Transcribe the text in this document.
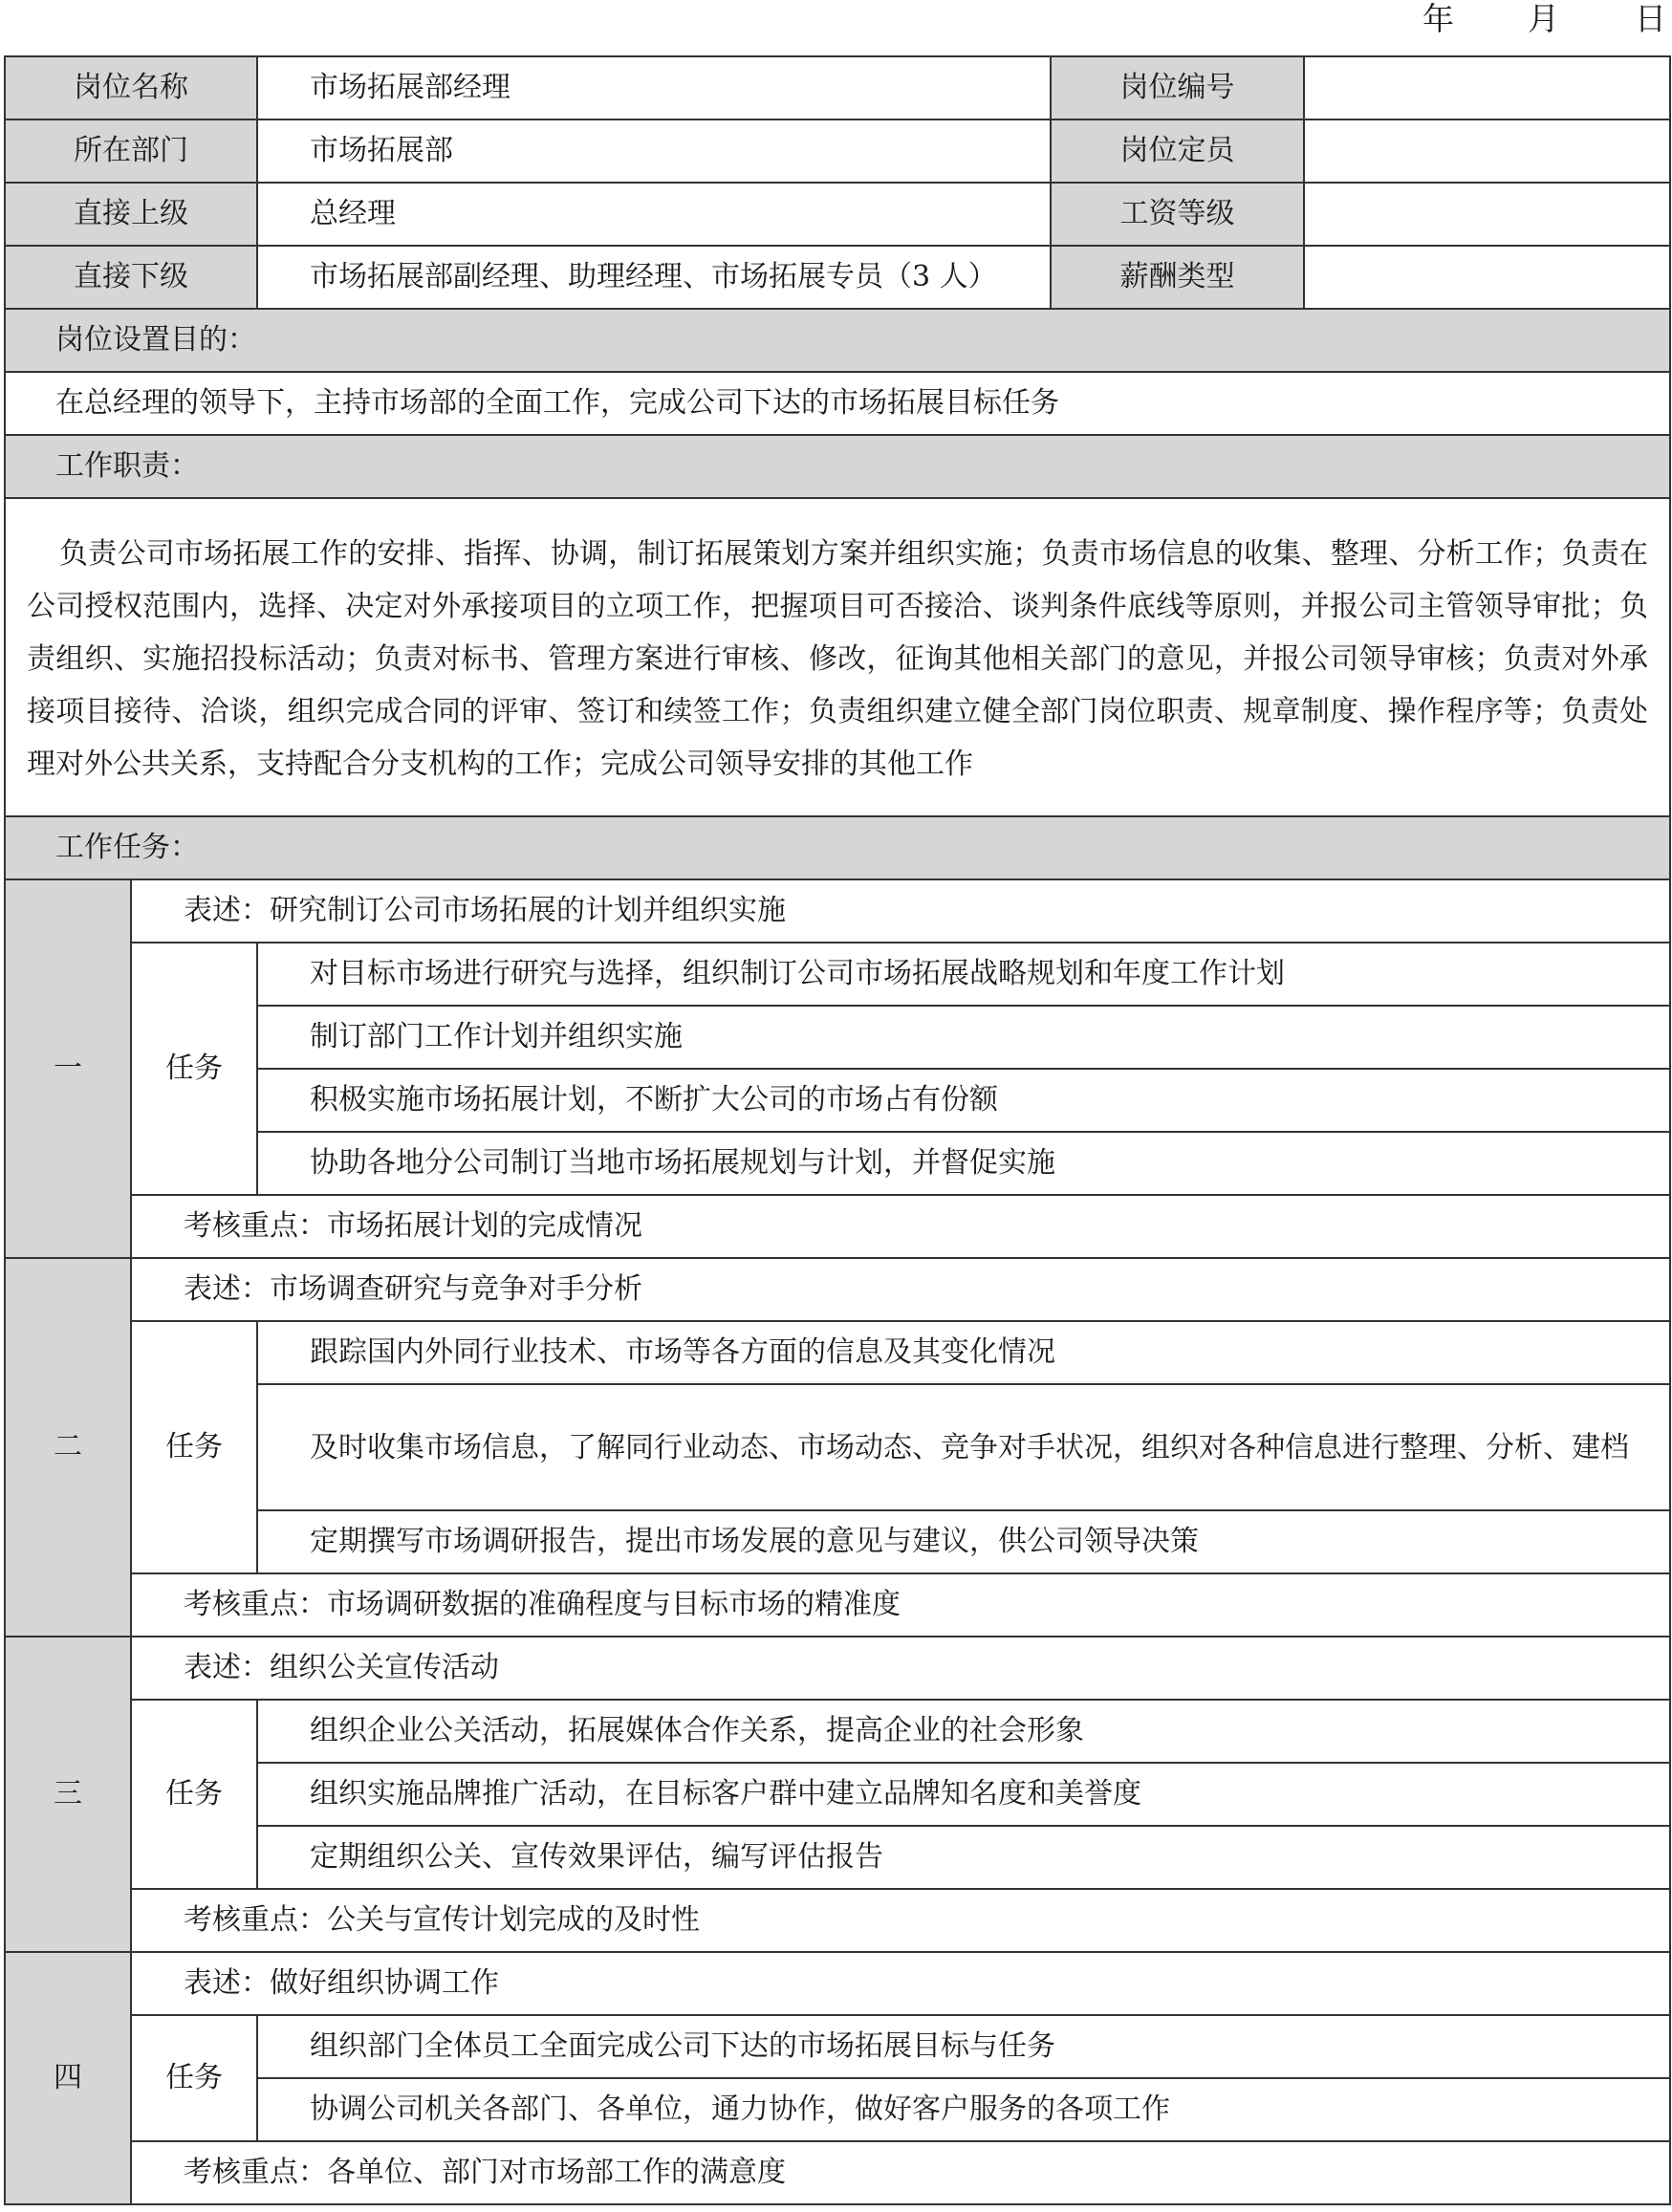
年 月 日
岗位名称		市场拓展部经理	岗位编号	
所在部门		市场拓展部	岗位定员	
直接上级		总经理	工资等级	
直接下级		市场拓展部副经理、助理经理、市场拓展专员（3 人）	薪酬类型	
岗位设置目的：				
在总经理的领导下，主持市场部的全面工作，完成公司下达的市场拓展目标任务				
工作职责：				
负责公司市场拓展工作的安排、指挥、协调，制订拓展策划方案并组织实施；负责市场信息的收集、整理、分析工作；负责在公司授权范围内，选择、决定对外承接项目的立项工作，把握项目可否接洽、谈判条件底线等原则，并报公司主管领导审批；负责组织、实施招投标活动；负责对标书、管理方案进行审核、修改，征询其他相关部门的意见，并报公司领导审核；负责对外承接项目接待、洽谈，组织完成合同的评审、签订和续签工作；负责组织建立健全部门岗位职责、规章制度、操作程序等；负责处理对外公共关系，支持配合分支机构的工作；完成公司领导安排的其他工作				
工作任务：				
一	表述：研究制订公司市场拓展的计划并组织实施			
	任务	对目标市场进行研究与选择，组织制订公司市场拓展战略规划和年度工作计划		
		制订部门工作计划并组织实施		
		积极实施市场拓展计划，不断扩大公司的市场占有份额		
		协助各地分公司制订当地市场拓展规划与计划，并督促实施		
	考核重点：市场拓展计划的完成情况			
二	表述：市场调查研究与竞争对手分析			
	任务	跟踪国内外同行业技术、市场等各方面的信息及其变化情况		
		及时收集市场信息，了解同行业动态、市场动态、竞争对手状况，组织对各种信息进行整理、分析、建档		
		定期撰写市场调研报告，提出市场发展的意见与建议，供公司领导决策		
	考核重点：市场调研数据的准确程度与目标市场的精准度			
三	表述：组织公关宣传活动			
	任务	组织企业公关活动，拓展媒体合作关系，提高企业的社会形象		
		组织实施品牌推广活动，在目标客户群中建立品牌知名度和美誉度		
		定期组织公关、宣传效果评估，编写评估报告		
	考核重点：公关与宣传计划完成的及时性			
四	表述：做好组织协调工作			
	任务	组织部门全体员工全面完成公司下达的市场拓展目标与任务		
		协调公司机关各部门、各单位，通力协作，做好客户服务的各项工作		
	考核重点：各单位、部门对市场部工作的满意度			
